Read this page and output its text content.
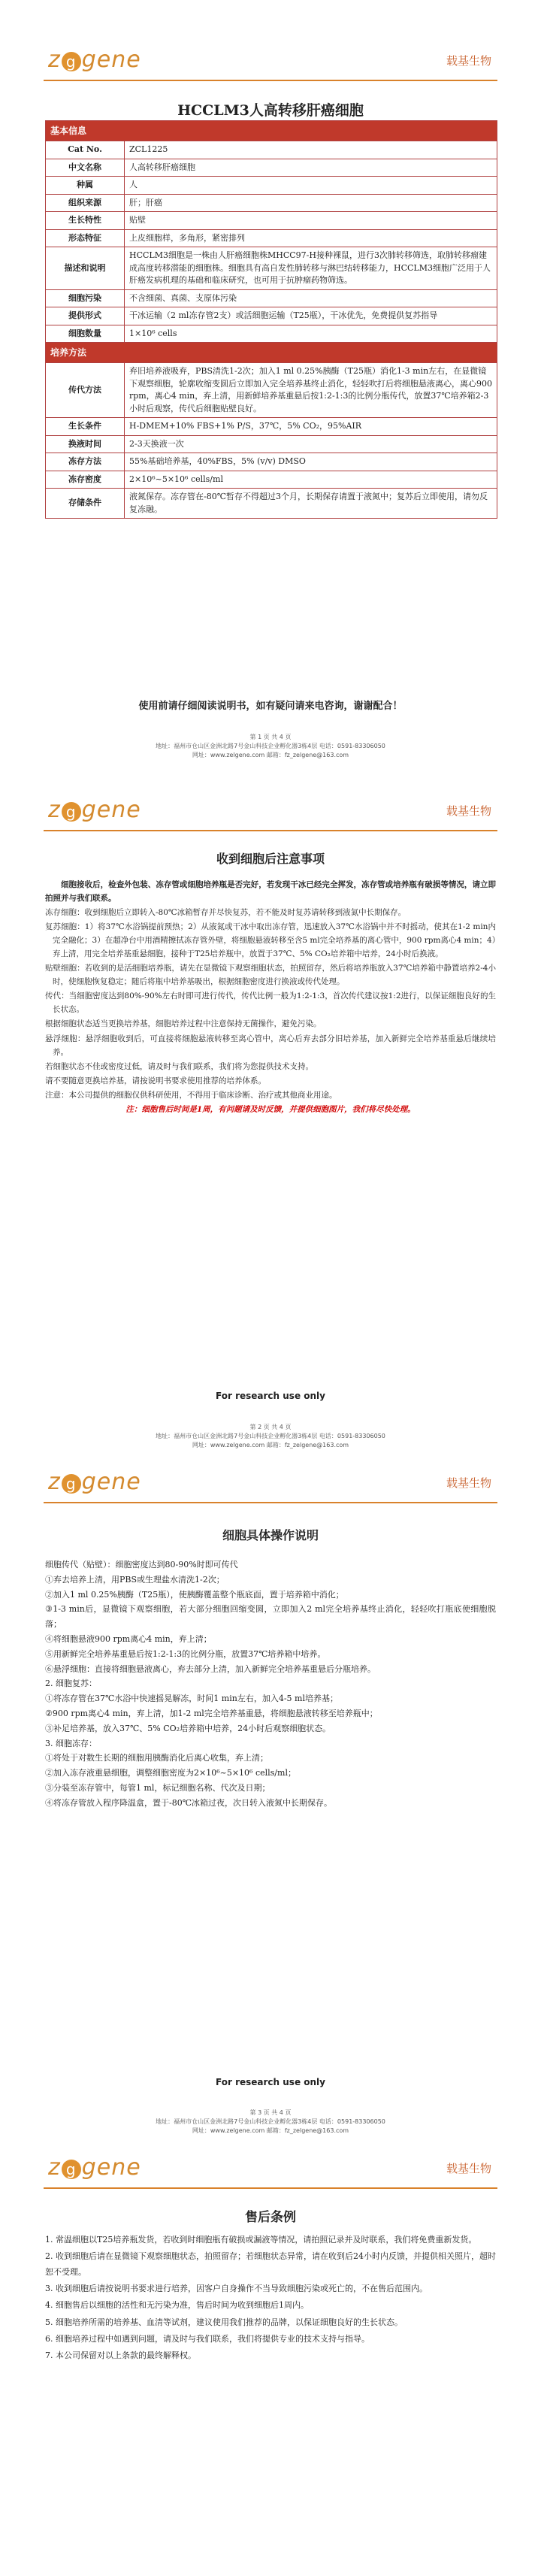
z g gene	载基生物
HCCLM3人高转移肝癌细胞
基本信息	
Cat No.	ZCL1225
中文名称	人高转移肝癌细胞
种属	人
组织来源	肝；肝癌
生长特性	贴壁
形态特征	上皮细胞样，多角形，紧密排列
描述和说明	HCCLM3细胞是一株由人肝癌细胞株MHCC97-H接种裸鼠，进行3次肺转移筛选，取肺转移瘤建成高度转移潜能的细胞株。细胞具有高自发性肺转移与淋巴结转移能力，HCCLM3细胞广泛用于人肝癌发病机理的基础和临床研究，也可用于抗肿瘤药物筛选。
细胞污染	不含细菌、真菌、支原体污染
提供形式	干冰运输（2 ml冻存管2支）或活细胞运输（T25瓶），干冰优先，免费提供复苏指导
细胞数量	1×10⁶ cells
培养方法	
传代方法	弃旧培养液吸弃，PBS清洗1-2次；加入1 ml 0.25%胰酶（T25瓶）消化1-3 min左右，在显微镜下观察细胞，轮廓收缩变圆后立即加入完全培养基终止消化，轻轻吹打后将细胞悬液离心，离心900 rpm，离心4 min，弃上清，用新鲜培养基重悬后按1:2-1:3的比例分瓶传代，放置37℃培养箱2-3小时后观察，传代后细胞贴壁良好。
生长条件	H-DMEM+10% FBS+1% P/S，37℃，5% CO₂，95%AIR
换液时间	2-3天换液一次
冻存方法	55%基础培养基，40%FBS，5% (v/v) DMSO
冻存密度	2×10⁶~5×10⁶ cells/ml
存储条件	液氮保存。冻存管在-80℃暂存不得超过3个月，长期保存请置于液氮中；复苏后立即使用，请勿反复冻融。
使用前请仔细阅读说明书，如有疑问请来电咨询，谢谢配合！
第 1 页 共 4 页
地址：福州市仓山区金洲北路7号金山科技企业孵化器3栋4层 电话：0591-83306050
网址：www.zelgene.com 邮箱：fz_zelgene@163.com
z g gene	载基生物
收到细胞后注意事项

细胞接收后，检查外包装、冻存管或细胞培养瓶是否完好，若发现干冰已经完全挥发，冻存管或培养瓶有破损等情况，请立即拍照并与我们联系。

冻存细胞：收到细胞后立即转入-80℃冰箱暂存并尽快复苏，若不能及时复苏请转移到液氮中长期保存。

复苏细胞：1）将37℃水浴锅提前预热；2）从液氮或干冰中取出冻存管，迅速放入37℃水浴锅中并不时摇动，使其在1-2 min内完全融化；3）在超净台中用酒精擦拭冻存管外壁，将细胞悬液转移至含5 ml完全培养基的离心管中，900 rpm离心4 min；4）弃上清，用完全培养基重悬细胞，接种于T25培养瓶中，放置于37℃、5% CO₂培养箱中培养，24小时后换液。

贴壁细胞：若收到的是活细胞培养瓶，请先在显微镜下观察细胞状态，拍照留存，然后将培养瓶放入37℃培养箱中静置培养2-4小时，使细胞恢复稳定；随后将瓶中培养基吸出，根据细胞密度进行换液或传代处理。

传代：当细胞密度达到80%-90%左右时即可进行传代，传代比例一般为1:2-1:3，首次传代建议按1:2进行，以保证细胞良好的生长状态。

根据细胞状态适当更换培养基，细胞培养过程中注意保持无菌操作，避免污染。

悬浮细胞：悬浮细胞收到后，可直接将细胞悬液转移至离心管中，离心后弃去部分旧培养基，加入新鲜完全培养基重悬后继续培养。

若细胞状态不佳或密度过低，请及时与我们联系，我们将为您提供技术支持。

请不要随意更换培养基，请按说明书要求使用推荐的培养体系。

注意：本公司提供的细胞仅供科研使用，不得用于临床诊断、治疗或其他商业用途。

注：细胞售后时间是1周，有问题请及时反馈，并提供细胞图片，我们将尽快处理。

For research use only
第 2 页 共 4 页
地址：福州市仓山区金洲北路7号金山科技企业孵化器3栋4层 电话：0591-83306050
网址：www.zelgene.com 邮箱：fz_zelgene@163.com
z g gene	载基生物
细胞具体操作说明

细胞传代（贴壁）：细胞密度达到80-90%时即可传代

①弃去培养上清，用PBS或生理盐水清洗1-2次；

②加入1 ml 0.25%胰酶（T25瓶），使胰酶覆盖整个瓶底面，置于培养箱中消化；

③1-3 min后，显微镜下观察细胞，若大部分细胞回缩变圆，立即加入2 ml完全培养基终止消化，轻轻吹打瓶底使细胞脱落；

④将细胞悬液900 rpm离心4 min，弃上清；

⑤用新鲜完全培养基重悬后按1:2-1:3的比例分瓶，放置37℃培养箱中培养。

⑥悬浮细胞：直接将细胞悬液离心，弃去部分上清，加入新鲜完全培养基重悬后分瓶培养。

2. 细胞复苏：

①将冻存管在37℃水浴中快速摇晃解冻，时间1 min左右，加入4-5 ml培养基；

②900 rpm离心4 min，弃上清，加1-2 ml完全培养基重悬，将细胞悬液转移至培养瓶中；

③补足培养基，放入37℃、5% CO₂培养箱中培养，24小时后观察细胞状态。

3. 细胞冻存：

①将处于对数生长期的细胞用胰酶消化后离心收集，弃上清；

②加入冻存液重悬细胞，调整细胞密度为2×10⁶~5×10⁶ cells/ml；

③分装至冻存管中，每管1 ml，标记细胞名称、代次及日期；

④将冻存管放入程序降温盒，置于-80℃冰箱过夜，次日转入液氮中长期保存。

For research use only
第 3 页 共 4 页
地址：福州市仓山区金洲北路7号金山科技企业孵化器3栋4层 电话：0591-83306050
网址：www.zelgene.com 邮箱：fz_zelgene@163.com
z g gene	载基生物
售后条例

1. 常温细胞以T25培养瓶发货，若收到时细胞瓶有破损或漏液等情况，请拍照记录并及时联系，我们将免费重新发货。

2. 收到细胞后请在显微镜下观察细胞状态，拍照留存；若细胞状态异常，请在收到后24小时内反馈，并提供相关照片，超时恕不受理。

3. 收到细胞后请按说明书要求进行培养，因客户自身操作不当导致细胞污染或死亡的，不在售后范围内。

4. 细胞售后以细胞的活性和无污染为准，售后时间为收到细胞后1周内。

5. 细胞培养所需的培养基、血清等试剂，建议使用我们推荐的品牌，以保证细胞良好的生长状态。

6. 细胞培养过程中如遇到问题，请及时与我们联系，我们将提供专业的技术支持与指导。

7. 本公司保留对以上条款的最终解释权。
